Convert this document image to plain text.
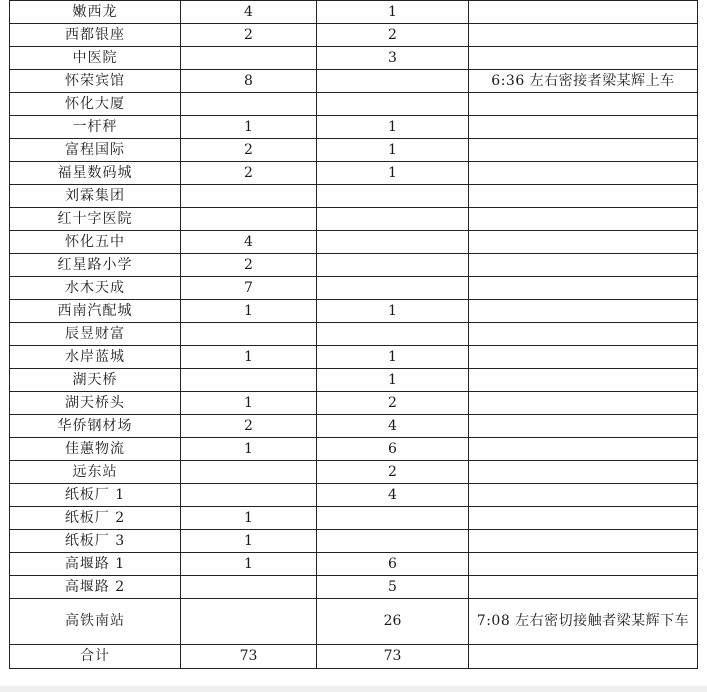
嫩西龙	4	1	
西都银座	2	2	
中医院		3	
怀荣宾馆	8		6:36 左右密接者梁某辉上车
怀化大厦			
一杆秤	1	1	
富程国际	2	1	
福星数码城	2	1	
刘霖集团			
红十字医院			
怀化五中	4		
红星路小学	2		
水木天成	7		
西南汽配城	1	1	
辰昱财富			
水岸蓝城	1	1	
湖天桥		1	
湖天桥头	1	2	
华侨钢材场	2	4	
佳蕙物流	1	6	
远东站		2	
纸板厂 1		4	
纸板厂 2	1		
纸板厂 3	1		
高堰路 1	1	6	
高堰路 2		5	
高铁南站		26	7:08 左右密切接触者梁某辉下车
合计	73	73	
